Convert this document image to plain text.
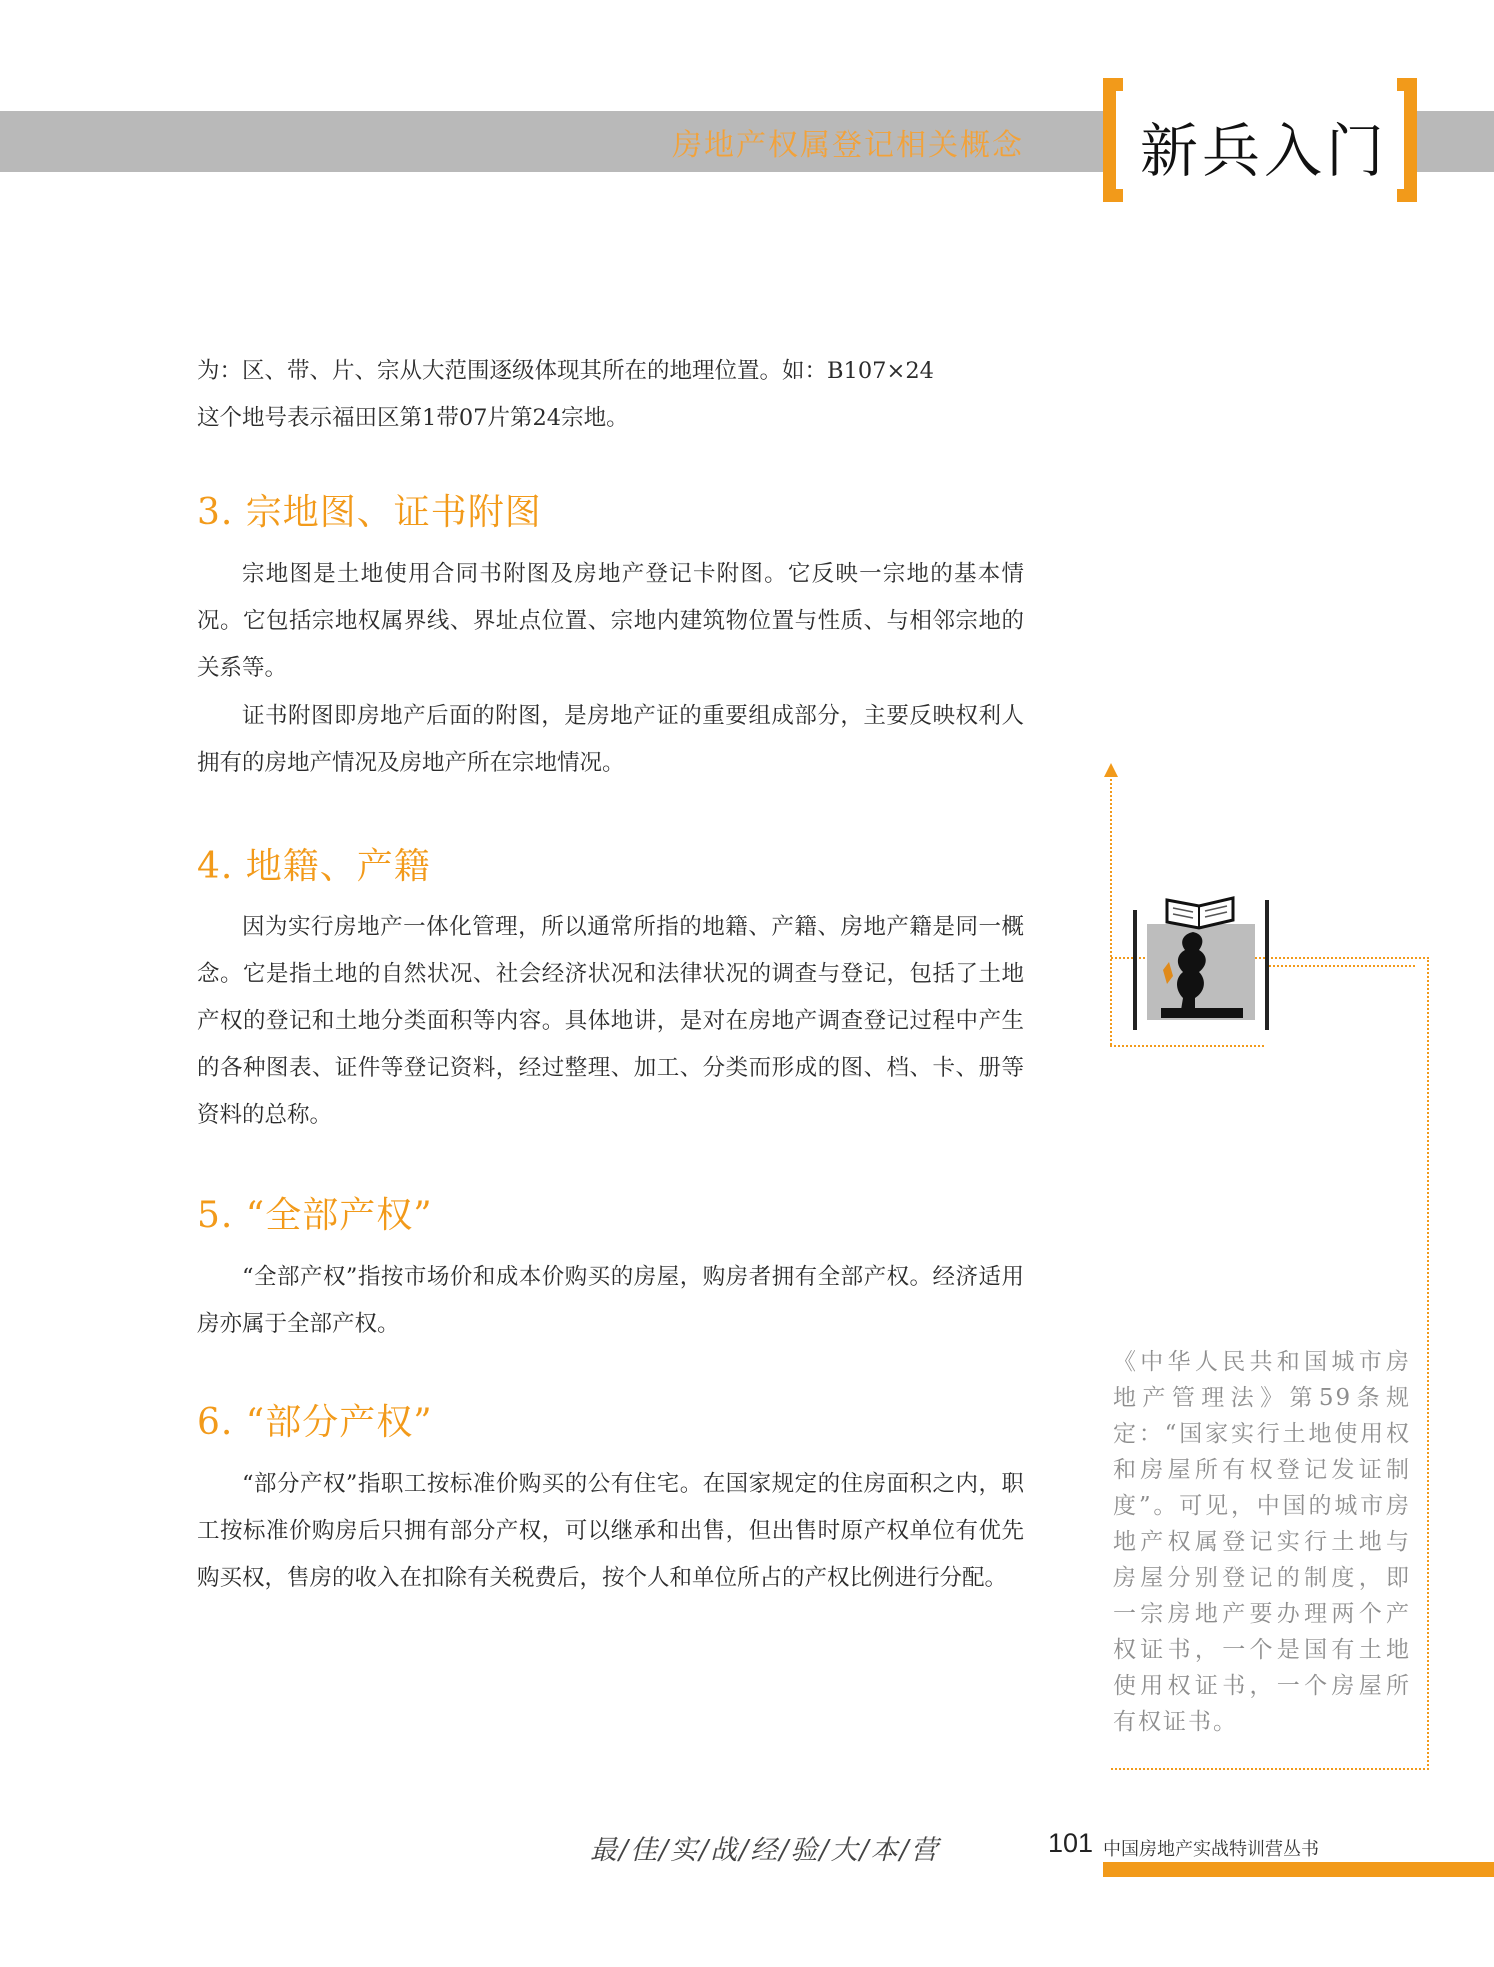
房地产权属登记相关概念 新兵入门

为：区、带、片、宗从大范围逐级体现其所在的地理位置。如：B107×24

这个地号表示福田区第1带07片第24宗地。

3. 宗地图、证书附图

宗地图是土地使用合同书附图及房地产登记卡附图。它反映一宗地的基本情况。它包括宗地权属界线、界址点位置、宗地内建筑物位置与性质、与相邻宗地的关系等。

证书附图即房地产后面的附图，是房地产证的重要组成部分，主要反映权利人拥有的房地产情况及房地产所在宗地情况。

4. 地籍、产籍

因为实行房地产一体化管理，所以通常所指的地籍、产籍、房地产籍是同一概念。它是指土地的自然状况、社会经济状况和法律状况的调查与登记，包括了土地产权的登记和土地分类面积等内容。具体地讲，是对在房地产调查登记过程中产生的各种图表、证件等登记资料，经过整理、加工、分类而形成的图、档、卡、册等资料的总称。

5. “全部产权”

“全部产权”指按市场价和成本价购买的房屋，购房者拥有全部产权。经济适用房亦属于全部产权。

6. “部分产权”

“部分产权”指职工按标准价购买的公有住宅。在国家规定的住房面积之内，职工按标准价购房后只拥有部分产权，可以继承和出售，但出售时原产权单位有优先购买权，售房的收入在扣除有关税费后，按个人和单位所占的产权比例进行分配。

《中华人民共和国城市房地产管理法》第59条规定：“国家实行土地使用权和房屋所有权登记发证制度”。可见，中国的城市房地产权属登记实行土地与房屋分别登记的制度，即一宗房地产要办理两个产权证书，一个是国有土地使用权证书，一个房屋所有权证书。
最/佳/实/战/经/验/大/本/营	101 中国房地产实战特训营丛书
